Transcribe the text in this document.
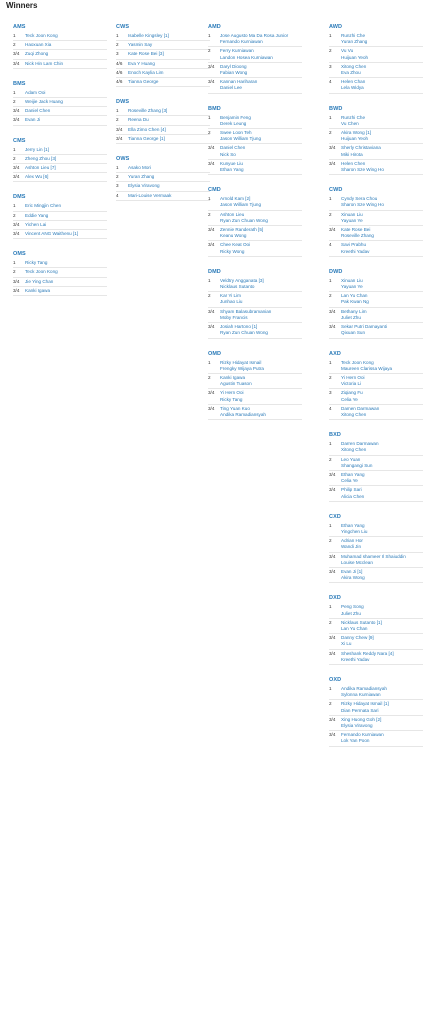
Winners
AMS
1	Teck Joon Kong
2	Haoxuan Xia
3/4	Zuqi Zhong
3/4	Nick Hin Lam Chin
BMS
1	Adam Ooi
2	Weijie Jack Huang
3/4	Daniel Chen
3/4	Evan Ji
CMS
1	Jerry Lin [1]
2	Zheng Zhou [3]
3/4	Ashton Lieu [7]
3/4	Alex Wu [6]
DMS
1	Eric Mingjin Chen
2	Eddie Yang
3/4	Yichen Lai
3/4	Vincent ANG Waithenu [1]
OMS
1	Ricky Tang
2	Teck Joon Kong
3/4	Jie Ying Chan
3/4	Kanki Igawa
CWS
1	Isabelle Kingsley [1]
2	Yasmin Say
3	Kate Rose Bei [3]
4/6	Eva Y Huang
4/6	Enoch Kaylia Lim
4/6	Tianna George
DWS
1	Roseville Zhang [3]
2	Reena Du
3/4	Ella Zimo Chen [4]
3/4	Tianna George [1]
OWS
1	Asako Mori
2	Yuran Zhang
3	Elysia Viravong
4	Mari-Louise Vermaak
AMD
1	Jose Augusto Ma Da Rosa Junior
Fernando Kurniawan
2	Ferry Kurniawan
Landon Hosea Kurniawan
3/4	Daryl Dioong
Fabian Wong
3/4	Kannan Hariharan
Daniel Lee
BMD
1	Benjamin Feng
Derek Leung
2	Swee Loon Teh
Jason William Tjung
3/4	Daniel Chen
Nick So
3/4	Kunyue Liu
Ethan Yang
CMD
1	Arnold Kam [2]
Jason William Tjung
2	Ashton Lieu
Ryan Zun Chuan Wong
3/4	Zennie Randerath [5]
Keanu Wong
3/4	Chee Keat Ooi
Ricky Wong
DMD
1	Veldtry Angganata [3]
Nicklaus Sutanto
2	Kar Yi Lim
Junhao Liu
3/4	Shyam Balasubramanian
Moby Francis
3/4	Josiah Hartono [1]
Ryan Zun Chuan Wong
OMD
1	Rizky Hidayat Ismail
Frengky Wijaya Putra
2	Kanki Igawa
Agustin Tuason
3/4	Yi Hern Ooi
Ricky Tang
3/4	Ting Yuan Kuo
Andika Ramadiansyah
AWD
1	Runzhi Che
Yuran Zhang
2	Vu Vu
Huijuan Yeoh
3	Xitong Chen
Eva Zhou
4	Helen Chan
Lela Widya
BWD
1	Runzhi Che
Vu Chen
2	Akira Wong [1]
Huijuan Yeoh
3/4	Sherly Christaviana
Miki Hirota
3/4	Helen Chen
Sharon Sze Wing Ho
CWD
1	Cyndy Sera Chou
Sharon Sze Wing Ho
2	Xinuan Liu
Yayuan Ye
3/4	Kate Rose Bei
Roseville Zhang
4	Savi Prabhu
Kreethi Yadav
DWD
1	Xinuan Liu
Yayuan Ye
2	Lan Yu Chan
Pak Kwan Ng
3/4	Bethany Lim
Juliet Zhu
3/4	Sekar Putri Damayanti
Qixuan Sun
AXD
1	Teck Joon Kong
Maureen Clarissa Wijaya
2	Yi Hern Ooi
Victoria Li
3	Ziqiang Fu
Celia Ye
4	Damen Darmawan
Xitong Chen
BXD
1	Darren Darmawan
Xitong Chen
2	Leo Yuan
Shangangi Sun
3/4	Ethan Yang
Celia Ye
3/4	Philip Sari
Alicia Chen
CXD
1	Ethan Yang
Yingchen Liu
2	Adrian Hor
Wandi Jin
3/4	Muhamad shameer Il Shaiuddin
Louise Mcclean
3/4	Evan Ji [1]
Akira Wong
DXD
1	Peng Song
Juliet Zhu
2	Nicklaus Sutanto [1]
Lan Yu Chan
3/4	Danny Chew [9]
Xi Lu
3/4	Sheshank Reddy Nara [4]
Kreethi Yadav
OXD
1	Andika Ramadiansyah
Sylonna Kurniawan
2	Rizky Hidayat Ismail [1]
Dian Permata Sari
3/4	Xing Huong Goh [2]
Elysia Viravong
3/4	Fernando Kurniawan
Lok Yan Poon
